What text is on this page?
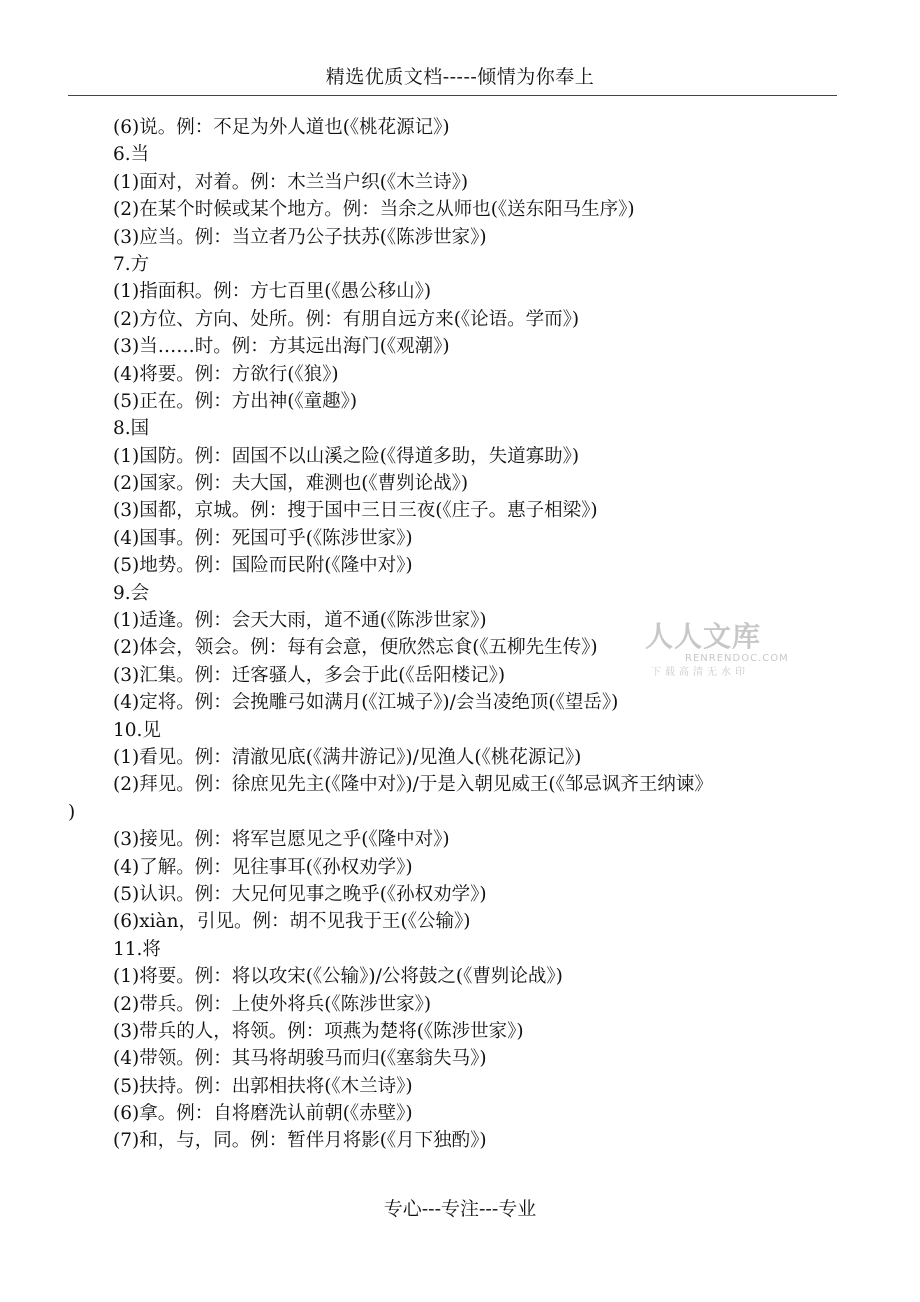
精选优质文档-----倾情为你奉上
(6)说。例：不足为外人道也(《桃花源记》)
6.当
(1)面对，对着。例：木兰当户织(《木兰诗》)
(2)在某个时候或某个地方。例：当余之从师也(《送东阳马生序》)
(3)应当。例：当立者乃公子扶苏(《陈涉世家》)
7.方
(1)指面积。例：方七百里(《愚公移山》)
(2)方位、方向、处所。例：有朋自远方来(《论语。学而》)
(3)当……时。例：方其远出海门(《观潮》)
(4)将要。例：方欲行(《狼》)
(5)正在。例：方出神(《童趣》)
8.国
(1)国防。例：固国不以山溪之险(《得道多助，失道寡助》)
(2)国家。例：夫大国，难测也(《曹刿论战》)
(3)国都，京城。例：搜于国中三日三夜(《庄子。惠子相梁》)
(4)国事。例：死国可乎(《陈涉世家》)
(5)地势。例：国险而民附(《隆中对》)
9.会
(1)适逢。例：会天大雨，道不通(《陈涉世家》)
(2)体会，领会。例：每有会意，便欣然忘食(《五柳先生传》)
(3)汇集。例：迁客骚人，多会于此(《岳阳楼记》)
(4)定将。例：会挽雕弓如满月(《江城子》)/会当凌绝顶(《望岳》)
10.见
(1)看见。例：清澈见底(《满井游记》)/见渔人(《桃花源记》)
(2)拜见。例：徐庶见先主(《隆中对》)/于是入朝见威王(《邹忌讽齐王纳谏》
)
(3)接见。例：将军岂愿见之乎(《隆中对》)
(4)了解。例：见往事耳(《孙权劝学》)
(5)认识。例：大兄何见事之晚乎(《孙权劝学》)
(6)xiàn，引见。例：胡不见我于王(《公输》)
11.将
(1)将要。例：将以攻宋(《公输》)/公将鼓之(《曹刿论战》)
(2)带兵。例：上使外将兵(《陈涉世家》)
(3)带兵的人，将领。例：项燕为楚将(《陈涉世家》)
(4)带领。例：其马将胡骏马而归(《塞翁失马》)
(5)扶持。例：出郭相扶将(《木兰诗》)
(6)拿。例：自将磨洗认前朝(《赤壁》)
(7)和，与，同。例：暂伴月将影(《月下独酌》)
人人文库
RENRENDOC.COM
下载高清无水印
专心---专注---专业
